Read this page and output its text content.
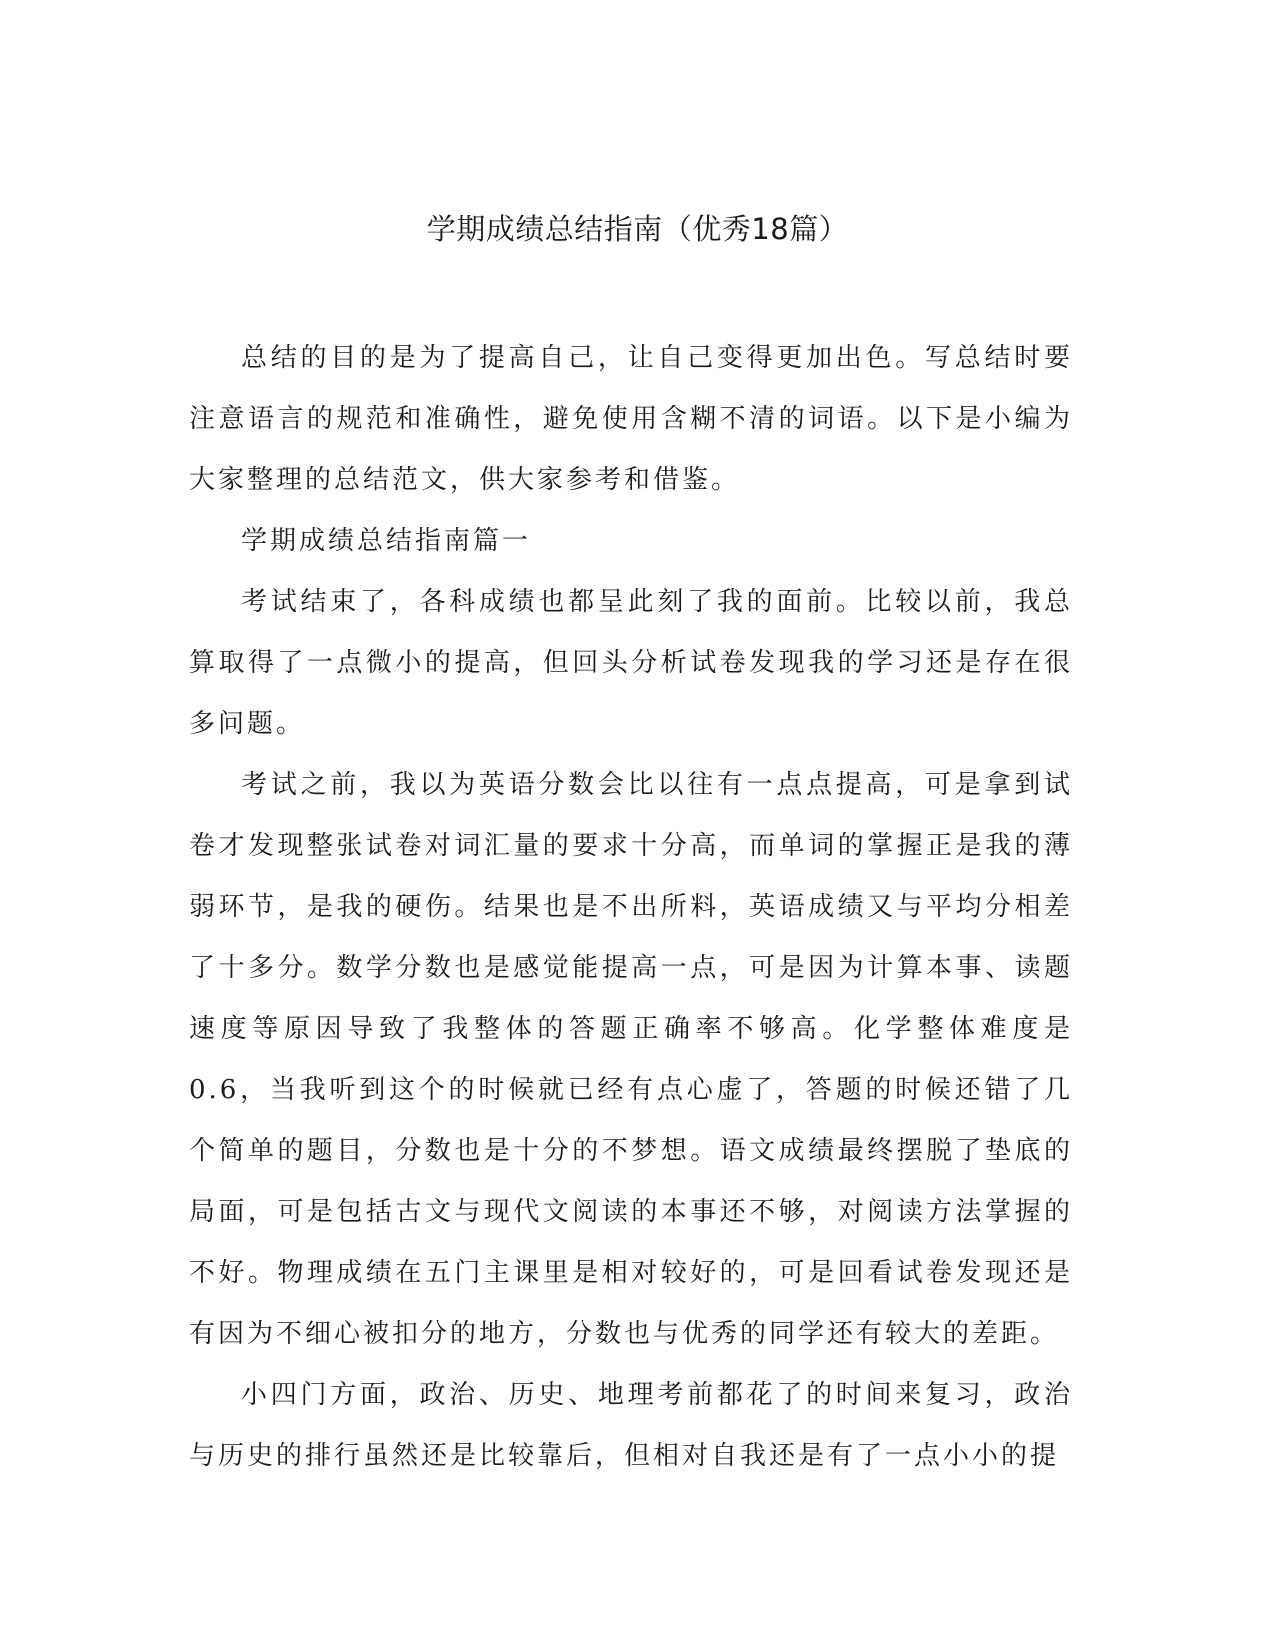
学期成绩总结指南（优秀18篇）

总结的目的是为了提高自己，让自己变得更加出色。写总结时要注意语言的规范和准确性，避免使用含糊不清的词语。以下是小编为大家整理的总结范文，供大家参考和借鉴。

学期成绩总结指南篇一

考试结束了，各科成绩也都呈此刻了我的面前。比较以前，我总算取得了一点微小的提高，但回头分析试卷发现我的学习还是存在很多问题。

考试之前，我以为英语分数会比以往有一点点提高，可是拿到试卷才发现整张试卷对词汇量的要求十分高，而单词的掌握正是我的薄弱环节，是我的硬伤。结果也是不出所料，英语成绩又与平均分相差了十多分。数学分数也是感觉能提高一点，可是因为计算本事、读题速度等原因导致了我整体的答题正确率不够高。化学整体难度是0.6，当我听到这个的时候就已经有点心虚了，答题的时候还错了几个简单的题目，分数也是十分的不梦想。语文成绩最终摆脱了垫底的局面，可是包括古文与现代文阅读的本事还不够，对阅读方法掌握的不好。物理成绩在五门主课里是相对较好的，可是回看试卷发现还是有因为不细心被扣分的地方，分数也与优秀的同学还有较大的差距。

小四门方面，政治、历史、地理考前都花了的时间来复习，政治与历史的排行虽然还是比较靠后，但相对自我还是有了一点小小的提
